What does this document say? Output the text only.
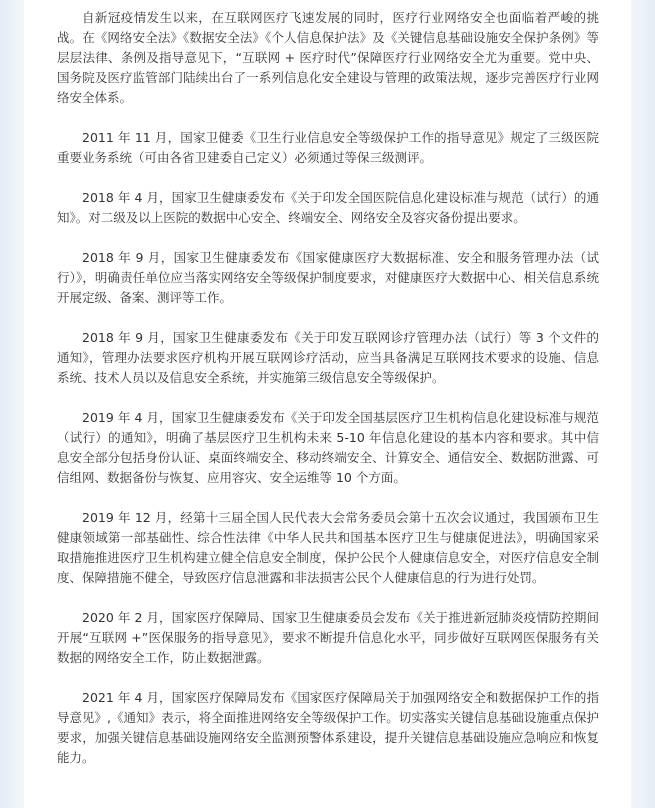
自新冠疫情发生以来，在互联网医疗飞速发展的同时，医疗行业网络安全也面临着严峻的挑战。在《网络安全法》《数据安全法》《个人信息保护法》及《关键信息基础设施安全保护条例》等层层法律、条例及指导意见下，“互联网 + 医疗时代”保障医疗行业网络安全尤为重要。党中央、国务院及医疗监管部门陆续出台了一系列信息化安全建设与管理的政策法规，逐步完善医疗行业网络安全体系。

2011 年 11 月，国家卫健委《卫生行业信息安全等级保护工作的指导意见》规定了三级医院重要业务系统（可由各省卫建委自己定义）必须通过等保三级测评。

2018 年 4 月，国家卫生健康委发布《关于印发全国医院信息化建设标准与规范（试行）的通知》。对二级及以上医院的数据中心安全、终端安全、网络安全及容灾备份提出要求。

2018 年 9 月，国家卫生健康委发布《国家健康医疗大数据标准、安全和服务管理办法（试行）》，明确责任单位应当落实网络安全等级保护制度要求，对健康医疗大数据中心、相关信息系统开展定级、备案、测评等工作。

2018 年 9 月，国家卫生健康委发布《关于印发互联网诊疗管理办法（试行）等 3 个文件的通知》，管理办法要求医疗机构开展互联网诊疗活动，应当具备满足互联网技术要求的设施、信息系统、技术人员以及信息安全系统，并实施第三级信息安全等级保护。

2019 年 4 月，国家卫生健康委发布《关于印发全国基层医疗卫生机构信息化建设标准与规范（试行）的通知》，明确了基层医疗卫生机构未来 5-10 年信息化建设的基本内容和要求。其中信息安全部分包括身份认证、桌面终端安全、移动终端安全、计算安全、通信安全、数据防泄露、可信组网、数据备份与恢复、应用容灾、安全运维等 10 个方面。

2019 年 12 月，经第十三届全国人民代表大会常务委员会第十五次会议通过，我国颁布卫生健康领域第一部基础性、综合性法律《中华人民共和国基本医疗卫生与健康促进法》，明确国家采取措施推进医疗卫生机构建立健全信息安全制度，保护公民个人健康信息安全，对医疗信息安全制度、保障措施不健全，导致医疗信息泄露和非法损害公民个人健康信息的行为进行处罚。

2020 年 2 月，国家医疗保障局、国家卫生健康委员会发布《关于推进新冠肺炎疫情防控期间开展“互联网 +”医保服务的指导意见》，要求不断提升信息化水平，同步做好互联网医保服务有关数据的网络安全工作，防止数据泄露。

2021 年 4 月，国家医疗保障局发布《国家医疗保障局关于加强网络安全和数据保护工作的指导意见》,《通知》表示，将全面推进网络安全等级保护工作。切实落实关键信息基础设施重点保护要求，加强关键信息基础设施网络安全监测预警体系建设，提升关键信息基础设施应急响应和恢复能力。
